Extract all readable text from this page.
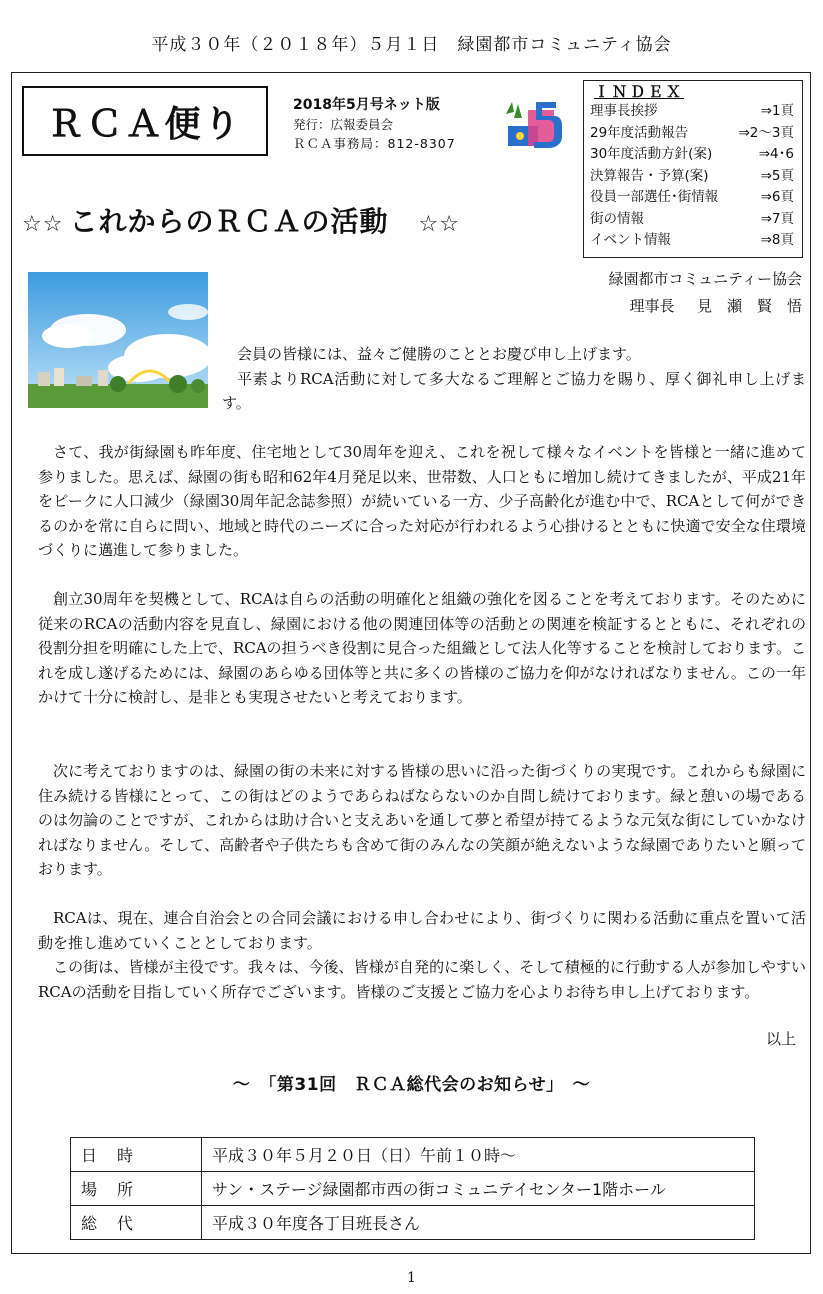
平成３０年（２０１８年）５月１日　緑園都市コミュニティ協会
ＲＣＡ便り	2018年5月号ネット版
発行：広報委員会
ＲＣＡ事務局：812-8307
ＩＮＤＥＸ
理事長挨拶	⇒1頁
29年度活動報告	⇒2～3頁
30年度活動方針(案)	⇒4･6
決算報告・予算(案)	⇒5頁
役員一部選任･街情報	⇒6頁
街の情報	⇒7頁
イベント情報	⇒8頁
☆☆ これからのＲＣＡの活動 ☆☆
緑園都市コミュニティー協会
理事長   見　瀬　賢　悟
会員の皆様には、益々ご健勝のこととお慶び申し上げます。
平素よりRCA活動に対して多大なるご理解とご協力を賜り、厚く御礼申し上げます。
さて、我が街緑園も昨年度、住宅地として30周年を迎え、これを祝して様々なイベントを皆様と一緒に進めて参りました。思えば、緑園の街も昭和62年4月発足以来、世帯数、人口ともに増加し続けてきましたが、平成21年をピークに人口減少（緑園30周年記念誌参照）が続いている一方、少子高齢化が進む中で、RCAとして何ができるのかを常に自らに問い、地域と時代のニーズに合った対応が行われるよう心掛けるとともに快適で安全な住環境づくりに邁進して参りました。
創立30周年を契機として、RCAは自らの活動の明確化と組織の強化を図ることを考えております。そのために従来のRCAの活動内容を見直し、緑園における他の関連団体等の活動との関連を検証するとともに、それぞれの役割分担を明確にした上で、RCAの担うべき役割に見合った組織として法人化等することを検討しております。これを成し遂げるためには、緑園のあらゆる団体等と共に多くの皆様のご協力を仰がなければなりません。この一年かけて十分に検討し、是非とも実現させたいと考えております。
次に考えておりますのは、緑園の街の未来に対する皆様の思いに沿った街づくりの実現です。これからも緑園に住み続ける皆様にとって、この街はどのようであらねばならないのか自問し続けております。緑と憩いの場であるのは勿論のことですが、これからは助け合いと支えあいを通して夢と希望が持てるような元気な街にしていかなければなりません。そして、高齢者や子供たちも含めて街のみんなの笑顔が絶えないような緑園でありたいと願っております。
RCAは、現在、連合自治会との合同会議における申し合わせにより、街づくりに関わる活動に重点を置いて活動を推し進めていくこととしております。
この街は、皆様が主役です。我々は、今後、皆様が自発的に楽しく、そして積極的に行動する人が参加しやすいRCAの活動を目指していく所存でございます。皆様のご支援とご協力を心よりお待ち申し上げております。
以上
～　「第31回　ＲＣＡ総代会のお知らせ」　～
日時	平成３０年５月２０日（日）午前１０時～
場所	サン・ステージ緑園都市西の街コミュニテイセンター1階ホール
総代	平成３０年度各丁目班長さん
1
